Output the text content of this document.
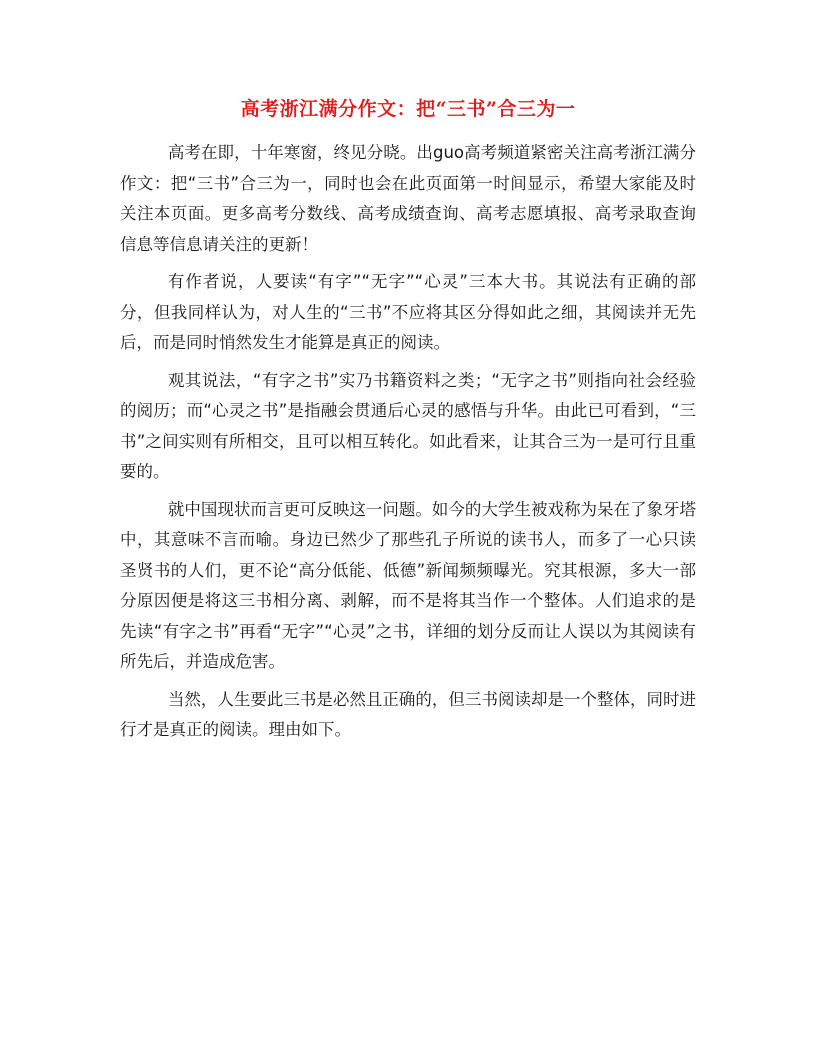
高考浙江满分作文：把“三书”合三为一

高考在即，十年寒窗，终见分晓。出guo高考频道紧密关注高考浙江满分作文：把“三书”合三为一，同时也会在此页面第一时间显示，希望大家能及时关注本页面。更多高考分数线、高考成绩查询、高考志愿填报、高考录取查询信息等信息请关注的更新！

有作者说，人要读“有字”“无字”“心灵”三本大书。其说法有正确的部分，但我同样认为，对人生的“三书”不应将其区分得如此之细，其阅读并无先后，而是同时悄然发生才能算是真正的阅读。

观其说法，“有字之书”实乃书籍资料之类；“无字之书”则指向社会经验的阅历；而“心灵之书”是指融会贯通后心灵的感悟与升华。由此已可看到，“三书”之间实则有所相交，且可以相互转化。如此看来，让其合三为一是可行且重要的。

就中国现状而言更可反映这一问题。如今的大学生被戏称为呆在了象牙塔中，其意味不言而喻。身边已然少了那些孔子所说的读书人，而多了一心只读圣贤书的人们，更不论“高分低能、低德”新闻频频曝光。究其根源，多大一部分原因便是将这三书相分离、剥解，而不是将其当作一个整体。人们追求的是先读“有字之书”再看“无字”“心灵”之书，详细的划分反而让人误以为其阅读有所先后，并造成危害。

当然，人生要此三书是必然且正确的，但三书阅读却是一个整体，同时进行才是真正的阅读。理由如下。
